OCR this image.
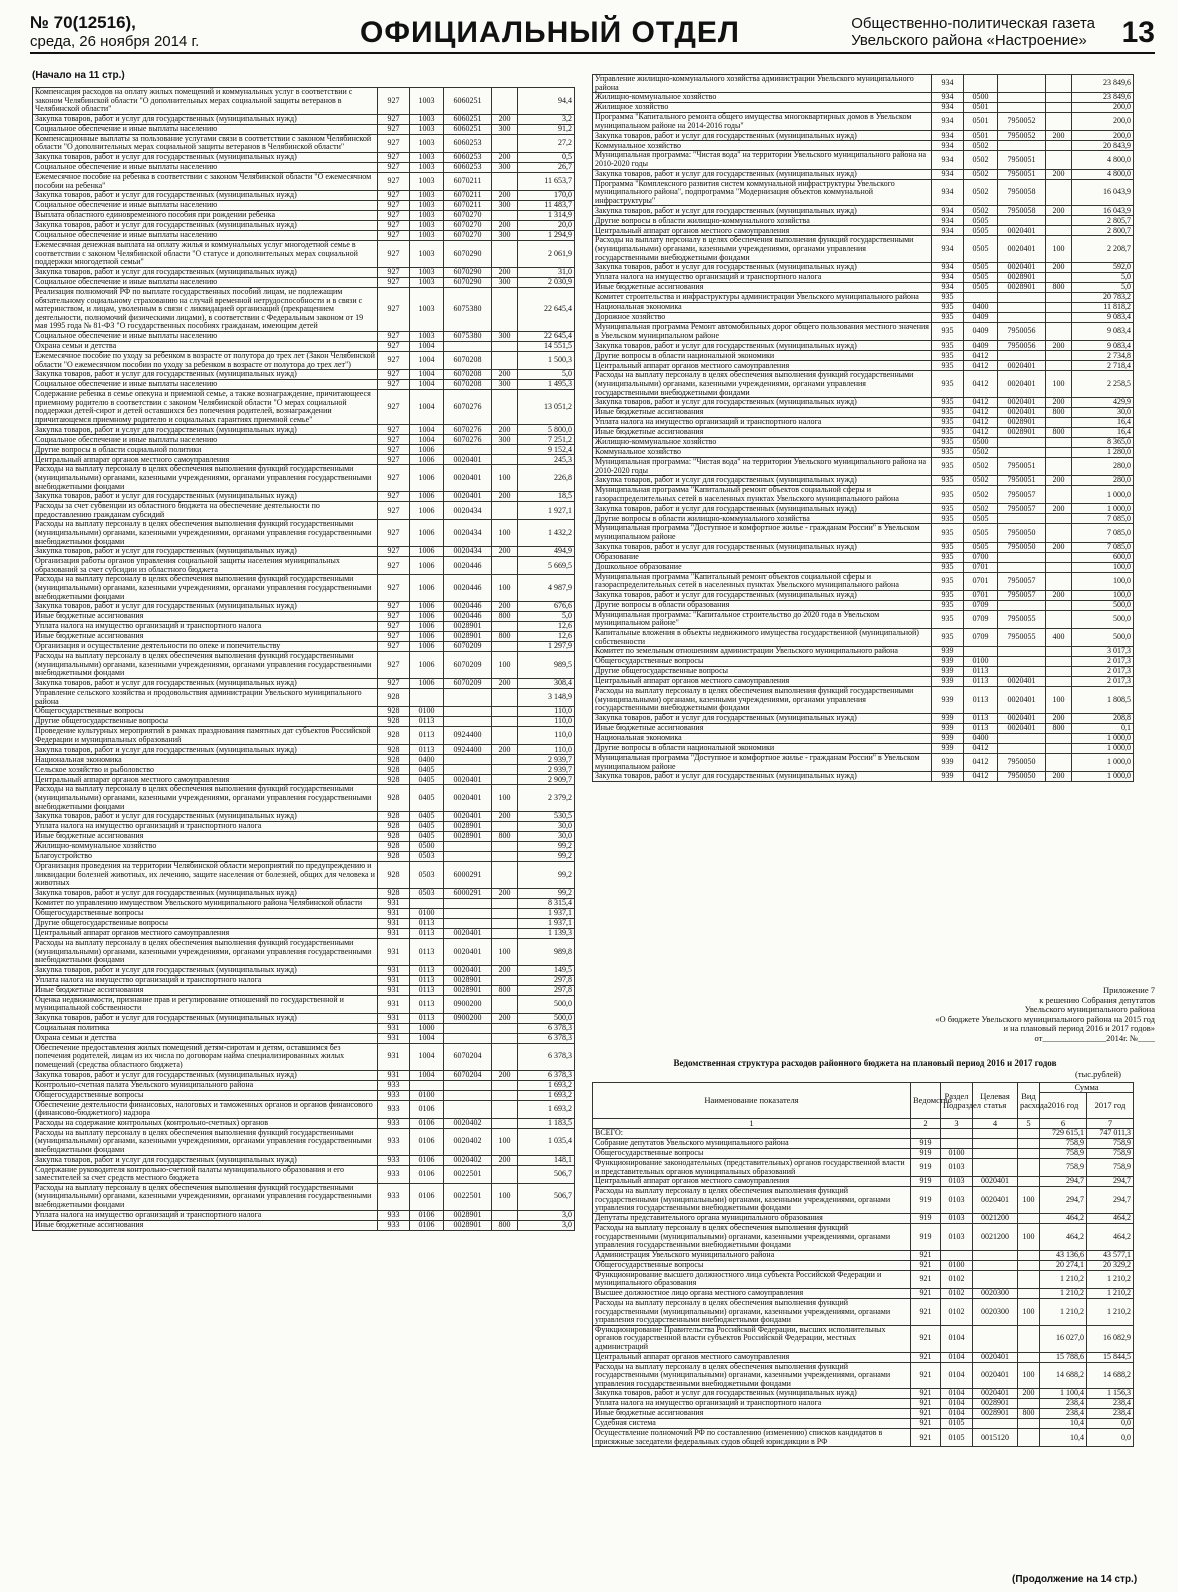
№ 70(12516),
среда, 26 ноября 2014 г.	ОФИЦИАЛЬНЫЙ ОТДЕЛ	Общественно-политическая газета
Увельского района «Настроение» 13
(Начало на 11 стр.)
Компенсация расходов на оплату жилых помещений и коммунальных услуг в соответствии с законом Челябинской области "О дополнительных мерах социальной защиты ветеранов в Челябинской области"	927	1003	6060251		94,4
Закупка товаров, работ и услуг для государственных (муниципальных нужд)	927	1003	6060251	200	3,2
Социальное обеспечение и иные выплаты населению	927	1003	6060251	300	91,2
Компенсационные выплаты за пользование услугами связи в соответствии с законом Челябинской области "О дополнительных мерах социальной защиты ветеранов в Челябинской области"	927	1003	6060253		27,2
Закупка товаров, работ и услуг для государственных (муниципальных нужд)	927	1003	6060253	200	0,5
Социальное обеспечение и иные выплаты населению	927	1003	6060253	300	26,7
Ежемесячное пособие на ребенка в соответствии с законом Челябинской области "О ежемесячном пособии на ребенка"	927	1003	6070211		11 653,7
Закупка товаров, работ и услуг для государственных (муниципальных нужд)	927	1003	6070211	200	170,0
Социальное обеспечение и иные выплаты населению	927	1003	6070211	300	11 483,7
Выплата областного единовременного пособия при рождении ребенка	927	1003	6070270		1 314,9
Закупка товаров, работ и услуг для государственных (муниципальных нужд)	927	1003	6070270	200	20,0
Социальное обеспечение и иные выплаты населению	927	1003	6070270	300	1 294,9
Ежемесячная денежная выплата на оплату жилья и коммунальных услуг многодетной семье в соответствии с законом Челябинской области "О статусе и дополнительных мерах социальной поддержки многодетной семьи"	927	1003	6070290		2 061,9
Закупка товаров, работ и услуг для государственных (муниципальных нужд)	927	1003	6070290	200	31,0
Социальное обеспечение и иные выплаты населению	927	1003	6070290	300	2 030,9
Реализация полномочий РФ по выплате государственных пособий лицам, не подлежащим обязательному социальному страхованию на случай временной нетрудоспособности и в связи с материнством, и лицам, уволенным в связи с ликвидацией организаций (прекращением деятельности, полномочий физическими лицами), в соответствии с Федеральным законом от 19 мая 1995 года № 81-ФЗ "О государственных пособиях гражданам, имеющим детей	927	1003	6075380		22 645,4
Социальное обеспечение и иные выплаты населению	927	1003	6075380	300	22 645,4
Охрана семьи и детства	927	1004			14 551,5
Ежемесячное пособие по уходу за ребенком в возрасте от полутора до трех лет (Закон Челябинской области "О ежемесячном пособии по уходу за ребенком в возрасте от полутора до трех лет")	927	1004	6070208		1 500,3
Закупка товаров, работ и услуг для государственных (муниципальных нужд)	927	1004	6070208	200	5,0
Социальное обеспечение и иные выплаты населению	927	1004	6070208	300	1 495,3
Содержание ребенка в семье опекуна и приемной семье, а также вознаграждение, причитающееся приемному родителю в соответствии с законом Челябинской области "О мерах социальной поддержки детей-сирот и детей оставшихся без попечения родителей, вознаграждении причитающемся приемному родителю и социальных гарантиях приемной семье"	927	1004	6070276		13 051,2
Закупка товаров, работ и услуг для государственных (муниципальных нужд)	927	1004	6070276	200	5 800,0
Социальное обеспечение и иные выплаты населению	927	1004	6070276	300	7 251,2
Другие вопросы в области социальной политики	927	1006			9 152,4
Центральный аппарат органов местного самоуправления	927	1006	0020401		245,3
Расходы на выплату персоналу в целях обеспечения выполнения функций государственными (муниципальными) органами, казенными учреждениями, органами управления государственными внебюджетными фондами	927	1006	0020401	100	226,8
Закупка товаров, работ и услуг для государственных (муниципальных нужд)	927	1006	0020401	200	18,5
Расходы за счет субвенции из областного бюджета на обеспечение деятельности по предоставлению гражданам субсидий	927	1006	0020434		1 927,1
Расходы на выплату персоналу в целях обеспечения выполнения функций государственными (муниципальными) органами, казенными учреждениями, органами управления государственными внебюджетными фондами	927	1006	0020434	100	1 432,2
Закупка товаров, работ и услуг для государственных (муниципальных нужд)	927	1006	0020434	200	494,9
Организация работы органов управления социальной защиты населения муниципальных образований за счет субсидии из областного бюджета	927	1006	0020446		5 669,5
Расходы на выплату персоналу в целях обеспечения выполнения функций государственными (муниципальными) органами, казенными учреждениями, органами управления государственными внебюджетными фондами	927	1006	0020446	100	4 987,9
Закупка товаров, работ и услуг для государственных (муниципальных нужд)	927	1006	0020446	200	676,6
Иные бюджетные ассигнования	927	1006	0020446	800	5,0
Уплата налога на имущество организаций и транспортного налога	927	1006	0028901		12,6
Иные бюджетные ассигнования	927	1006	0028901	800	12,6
Организация и осуществление деятельности по опеке и попечительству	927	1006	6070209		1 297,9
Расходы на выплату персоналу в целях обеспечения выполнения функций государственными (муниципальными) органами, казенными учреждениями, органами управления государственными внебюджетными фондами	927	1006	6070209	100	989,5
Закупка товаров, работ и услуг для государственных (муниципальных нужд)	927	1006	6070209	200	308,4
Управление сельского хозяйства и продовольствия администрации Увельского муниципального района	928				3 148,9
Общегосударственные вопросы	928	0100			110,0
Другие общегосударственные вопросы	928	0113			110,0
Проведение культурных мероприятий в рамках празднования памятных дат субъектов Российской Федерации и муниципальных образований	928	0113	0924400		110,0
Закупка товаров, работ и услуг для государственных (муниципальных нужд)	928	0113	0924400	200	110,0
Национальная экономика	928	0400			2 939,7
Сельское хозяйство и рыболовство	928	0405			2 939,7
Центральный аппарат органов местного самоуправления	928	0405	0020401		2 909,7
Расходы на выплату персоналу в целях обеспечения выполнения функций государственными (муниципальными) органами, казенными учреждениями, органами управления государственными внебюджетными фондами	928	0405	0020401	100	2 379,2
Закупка товаров, работ и услуг для государственных (муниципальных нужд)	928	0405	0020401	200	530,5
Уплата налога на имущество организаций и транспортного налога	928	0405	0028901		30,0
Иные бюджетные ассигнования	928	0405	0028901	800	30,0
Жилищно-коммунальное хозяйство	928	0500			99,2
Благоустройство	928	0503			99,2
Организация проведения на территории Челябинской области мероприятий по предупреждению и ликвидации болезней животных, их лечению, защите населения от болезней, общих для человека и животных	928	0503	6000291		99,2
Закупка товаров, работ и услуг для государственных (муниципальных нужд)	928	0503	6000291	200	99,2
Комитет по управлению имуществом Увельского муниципального района Челябинской области	931				8 315,4
Общегосударственные вопросы	931	0100			1 937,1
Другие общегосударственные вопросы	931	0113			1 937,1
Центральный аппарат органов местного самоуправления	931	0113	0020401		1 139,3
Расходы на выплату персоналу в целях обеспечения выполнения функций государственными (муниципальными) органами, казенными учреждениями, органами управления государственными внебюджетными фондами	931	0113	0020401	100	989,8
Закупка товаров, работ и услуг для государственных (муниципальных нужд)	931	0113	0020401	200	149,5
Уплата налога на имущество организаций и транспортного налога	931	0113	0028901		297,8
Иные бюджетные ассигнования	931	0113	0028901	800	297,8
Оценка недвижимости, признание прав и регулирование отношений по государственной и муниципальной собственности	931	0113	0900200		500,0
Закупка товаров, работ и услуг для государственных (муниципальных нужд)	931	0113	0900200	200	500,0
Социальная политика	931	1000			6 378,3
Охрана семьи и детства	931	1004			6 378,3
Обеспечение предоставления жилых помещений детям-сиротам и детям, оставшимся без попечения родителей, лицам из их числа по договорам найма специализированных жилых помещений (средства областного бюджета)	931	1004	6070204		6 378,3
Закупка товаров, работ и услуг для государственных (муниципальных нужд)	931	1004	6070204	200	6 378,3
Контрольно-счетная палата Увельского муниципального района	933				1 693,2
Общегосударственные вопросы	933	0100			1 693,2
Обеспечение деятельности финансовых, налоговых и таможенных органов и органов финансового (финансово-бюджетного) надзора	933	0106			1 693,2
Расходы на содержание контрольных (контрольно-счетных) органов	933	0106	0020402		1 183,5
Расходы на выплату персоналу в целях обеспечения выполнения функций государственными (муниципальными) органами, казенными учреждениями, органами управления государственными внебюджетными фондами	933	0106	0020402	100	1 035,4
Закупка товаров, работ и услуг для государственных (муниципальных нужд)	933	0106	0020402	200	148,1
Содержание руководителя контрольно-счетной палаты муниципального образования и его заместителей за счет средств местного бюджета	933	0106	0022501		506,7
Расходы на выплату персоналу в целях обеспечения выполнения функций государственными (муниципальными) органами, казенными учреждениями, органами управления государственными внебюджетными фондами	933	0106	0022501	100	506,7
Уплата налога на имущество организаций и транспортного налога	933	0106	0028901		3,0
Иные бюджетные ассигнования	933	0106	0028901	800	3,0
Управление жилищно-коммунального хозяйства администрации Увельского муниципального района	934				23 849,6
Жилищно-коммунальное хозяйство	934	0500			23 849,6
Жилищное хозяйство	934	0501			200,0
Программа "Капитального ремонта общего имущества многоквартирных домов в Увельском муниципальном районе на 2014-2016 годы"	934	0501	7950052		200,0
Закупка товаров, работ и услуг для государственных (муниципальных нужд)	934	0501	7950052	200	200,0
Коммунальное хозяйство	934	0502			20 843,9
Муниципальная программа: "Чистая вода" на территории Увельского муниципального района на 2010-2020 годы	934	0502	7950051		4 800,0
Закупка товаров, работ и услуг для государственных (муниципальных нужд)	934	0502	7950051	200	4 800,0
Программа "Комплексного развития систем коммунальной инфраструктуры Увельского муниципального района", подпрограмма "Модернизация объектов коммунальной инфраструктуры"	934	0502	7950058		16 043,9
Закупка товаров, работ и услуг для государственных (муниципальных нужд)	934	0502	7950058	200	16 043,9
Другие вопросы в области жилищно-коммунального хозяйства	934	0505			2 805,7
Центральный аппарат органов местного самоуправления	934	0505	0020401		2 800,7
Расходы на выплату персоналу в целях обеспечения выполнения функций государственными (муниципальными) органами, казенными учреждениями, органами управления государственными внебюджетными фондами	934	0505	0020401	100	2 208,7
Закупка товаров, работ и услуг для государственных (муниципальных нужд)	934	0505	0020401	200	592,0
Уплата налога на имущество организаций и транспортного налога	934	0505	0028901		5,0
Иные бюджетные ассигнования	934	0505	0028901	800	5,0
Комитет строительства и инфраструктуры администрации Увельского муниципального района	935				20 783,2
Национальная экономика	935	0400			11 818,2
Дорожное хозяйство	935	0409			9 083,4
Муниципальная программа Ремонт автомобильных дорог общего пользования местного значения в Увельском муниципальном районе	935	0409	7950056		9 083,4
Закупка товаров, работ и услуг для государственных (муниципальных нужд)	935	0409	7950056	200	9 083,4
Другие вопросы в области национальной экономики	935	0412			2 734,8
Центральный аппарат органов местного самоуправления	935	0412	0020401		2 718,4
Расходы на выплату персоналу в целях обеспечения выполнения функций государственными (муниципальными) органами, казенными учреждениями, органами управления государственными внебюджетными фондами	935	0412	0020401	100	2 258,5
Закупка товаров, работ и услуг для государственных (муниципальных нужд)	935	0412	0020401	200	429,9
Иные бюджетные ассигнования	935	0412	0020401	800	30,0
Уплата налога на имущество организаций и транспортного налога	935	0412	0028901		16,4
Иные бюджетные ассигнования	935	0412	0028901	800	16,4
Жилищно-коммунальное хозяйство	935	0500			8 365,0
Коммунальное хозяйство	935	0502			1 280,0
Муниципальная программа: "Чистая вода" на территории Увельского муниципального района на 2010-2020 годы	935	0502	7950051		280,0
Закупка товаров, работ и услуг для государственных (муниципальных нужд)	935	0502	7950051	200	280,0
Муниципальная программа "Капитальный ремонт объектов социальной сферы и газораспределительных сетей в населенных пунктах Увельского муниципального района	935	0502	7950057		1 000,0
Закупка товаров, работ и услуг для государственных (муниципальных нужд)	935	0502	7950057	200	1 000,0
Другие вопросы в области жилищно-коммунального хозяйства	935	0505			7 085,0
Муниципальная программа "Доступное и комфортное жилье - гражданам России" в Увельском муниципальном районе	935	0505	7950050		7 085,0
Закупка товаров, работ и услуг для государственных (муниципальных нужд)	935	0505	7950050	200	7 085,0
Образование	935	0700			600,0
Дошкольное образование	935	0701			100,0
Муниципальная программа "Капитальный ремонт объектов социальной сферы и газораспределительных сетей в населенных пунктах Увельского муниципального района	935	0701	7950057		100,0
Закупка товаров, работ и услуг для государственных (муниципальных нужд)	935	0701	7950057	200	100,0
Другие вопросы в области образования	935	0709			500,0
Муниципальная программа: "Капитальное строительство до 2020 года в Увельском муниципальном районе"	935	0709	7950055		500,0
Капитальные вложения в объекты недвижимого имущества государственной (муниципальной) собственности	935	0709	7950055	400	500,0
Комитет по земельным отношениям администрации Увельского муниципального района	939				3 017,3
Общегосударственные вопросы	939	0100			2 017,3
Другие общегосударственные вопросы	939	0113			2 017,3
Центральный аппарат органов местного самоуправления	939	0113	0020401		2 017,3
Расходы на выплату персоналу в целях обеспечения выполнения функций государственными (муниципальными) органами, казенными учреждениями, органами управления государственными внебюджетными фондами	939	0113	0020401	100	1 808,5
Закупка товаров, работ и услуг для государственных (муниципальных нужд)	939	0113	0020401	200	208,8
Иные бюджетные ассигнования	939	0113	0020401	800	0,1
Национальная экономика	939	0400			1 000,0
Другие вопросы в области национальной экономики	939	0412			1 000,0
Муниципальная программа "Доступное и комфортное жилье - гражданам России" в Увельском муниципальном районе	939	0412	7950050		1 000,0
Закупка товаров, работ и услуг для государственных (муниципальных нужд)	939	0412	7950050	200	1 000,0
Приложение 7
к решению Собрания депутатов
Увельского муниципального района
«О бюджете Увельского муниципального района на 2015 год
и на плановый период 2016 и 2017 годов»
от_______________2014г. №____
Ведомственная структура расходов районного бюджета на плановый период 2016 и 2017 годов
(тыс.рублей)
Наименование показателя	Ведомство	Раздел Подраздел	Целевая статья	Вид расхода	Сумма	
					2016 год	2017 год
1	2	3	4	5	6	7
ВСЕГО:					729 615,1	747 011,3
Собрание депутатов Увельского муниципального района	919				758,9	758,9
Общегосударственные вопросы	919	0100			758,9	758,9
Функционирование законодательных (представительных) органов государственной власти и представительных органов муниципальных образований	919	0103			758,9	758,9
Центральный аппарат органов местного самоуправления	919	0103	0020401		294,7	294,7
Расходы на выплату персоналу в целях обеспечения выполнения функций государственными (муниципальными) органами, казенными учреждениями, органами управления государственными внебюджетными фондами	919	0103	0020401	100	294,7	294,7
Депутаты представительного органа муниципального образования	919	0103	0021200		464,2	464,2
Расходы на выплату персоналу в целях обеспечения выполнения функций государственными (муниципальными) органами, казенными учреждениями, органами управления государственными внебюджетными фондами	919	0103	0021200	100	464,2	464,2
Администрация Увельского муниципального района	921				43 136,6	43 577,1
Общегосударственные вопросы	921	0100			20 274,1	20 329,2
Функционирование высшего должностного лица субъекта Российской Федерации и муниципального образования	921	0102			1 210,2	1 210,2
Высшее должностное лицо органа местного самоуправления	921	0102	0020300		1 210,2	1 210,2
Расходы на выплату персоналу в целях обеспечения выполнения функций государственными (муниципальными) органами, казенными учреждениями, органами управления государственными внебюджетными фондами	921	0102	0020300	100	1 210,2	1 210,2
Функционирование Правительства Российской Федерации, высших исполнительных органов государственной власти субъектов Российской Федерации, местных администраций	921	0104			16 027,0	16 082,9
Центральный аппарат органов местного самоуправления	921	0104	0020401		15 788,6	15 844,5
Расходы на выплату персоналу в целях обеспечения выполнения функций государственными (муниципальными) органами, казенными учреждениями, органами управления государственными внебюджетными фондами	921	0104	0020401	100	14 688,2	14 688,2
Закупка товаров, работ и услуг для государственных (муниципальных нужд)	921	0104	0020401	200	1 100,4	1 156,3
Уплата налога на имущество организаций и транспортного налога	921	0104	0028901		238,4	238,4
Иные бюджетные ассигнования	921	0104	0028901	800	238,4	238,4
Судебная система	921	0105			10,4	0,0
Осуществление полномочий РФ по составлению (изменению) списков кандидатов в присяжные заседатели федеральных судов общей юрисдикции в РФ	921	0105	0015120		10,4	0,0
(Продолжение на 14 стр.)
